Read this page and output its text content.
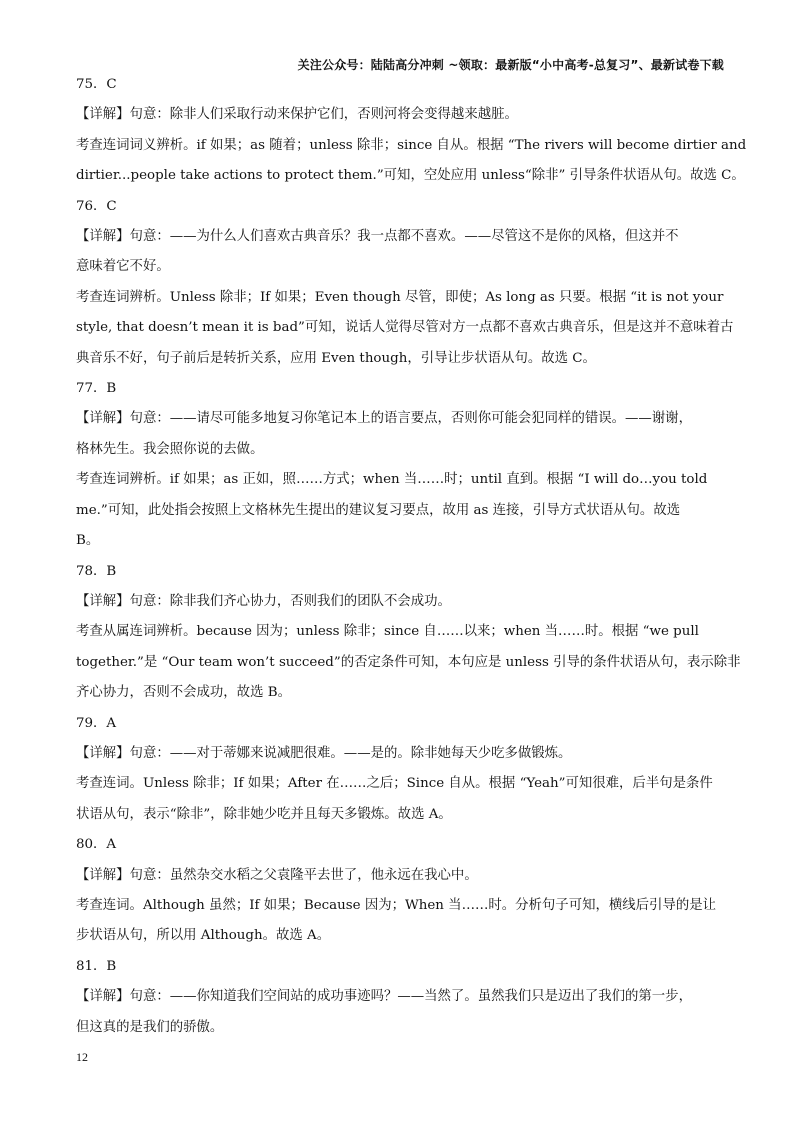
关注公众号：陆陆高分冲刺 ~领取：最新版“小中高考-总复习”、最新试卷下载
75．C
【详解】句意：除非人们采取行动来保护它们，否则河将会变得越来越脏。
考查连词词义辨析。if 如果；as 随着；unless 除非；since 自从。根据 “The rivers will become dirtier and
dirtier...people take actions to protect them.”可知，空处应用 unless“除非” 引导条件状语从句。故选 C。
76．C
【详解】句意：——为什么人们喜欢古典音乐？我一点都不喜欢。——尽管这不是你的风格，但这并不
意味着它不好。
考查连词辨析。Unless 除非；If 如果；Even though 尽管，即使；As long as 只要。根据 “it is not your
style, that doesn’t mean it is bad”可知，说话人觉得尽管对方一点都不喜欢古典音乐，但是这并不意味着古
典音乐不好，句子前后是转折关系，应用 Even though，引导让步状语从句。故选 C。
77．B
【详解】句意：——请尽可能多地复习你笔记本上的语言要点，否则你可能会犯同样的错误。——谢谢，
格林先生。我会照你说的去做。
考查连词辨析。if 如果；as 正如，照……方式；when 当……时；until 直到。根据 “I will do…you told
me.”可知，此处指会按照上文格林先生提出的建议复习要点，故用 as 连接，引导方式状语从句。故选
B。
78．B
【详解】句意：除非我们齐心协力，否则我们的团队不会成功。
考查从属连词辨析。because 因为；unless 除非；since 自……以来；when 当……时。根据 “we pull
together.”是 “Our team won’t succeed”的否定条件可知，本句应是 unless 引导的条件状语从句，表示除非
齐心协力，否则不会成功，故选 B。
79．A
【详解】句意：——对于蒂娜来说减肥很难。——是的。除非她每天少吃多做锻炼。
考查连词。Unless 除非；If 如果；After 在……之后；Since 自从。根据 “Yeah”可知很难，后半句是条件
状语从句，表示“除非”，除非她少吃并且每天多锻炼。故选 A。
80．A
【详解】句意：虽然杂交水稻之父袁隆平去世了，他永远在我心中。
考查连词。Although 虽然；If 如果；Because 因为；When 当……时。分析句子可知，横线后引导的是让
步状语从句，所以用 Although。故选 A。
81．B
【详解】句意：——你知道我们空间站的成功事迹吗？——当然了。虽然我们只是迈出了我们的第一步，
但这真的是我们的骄傲。
12
